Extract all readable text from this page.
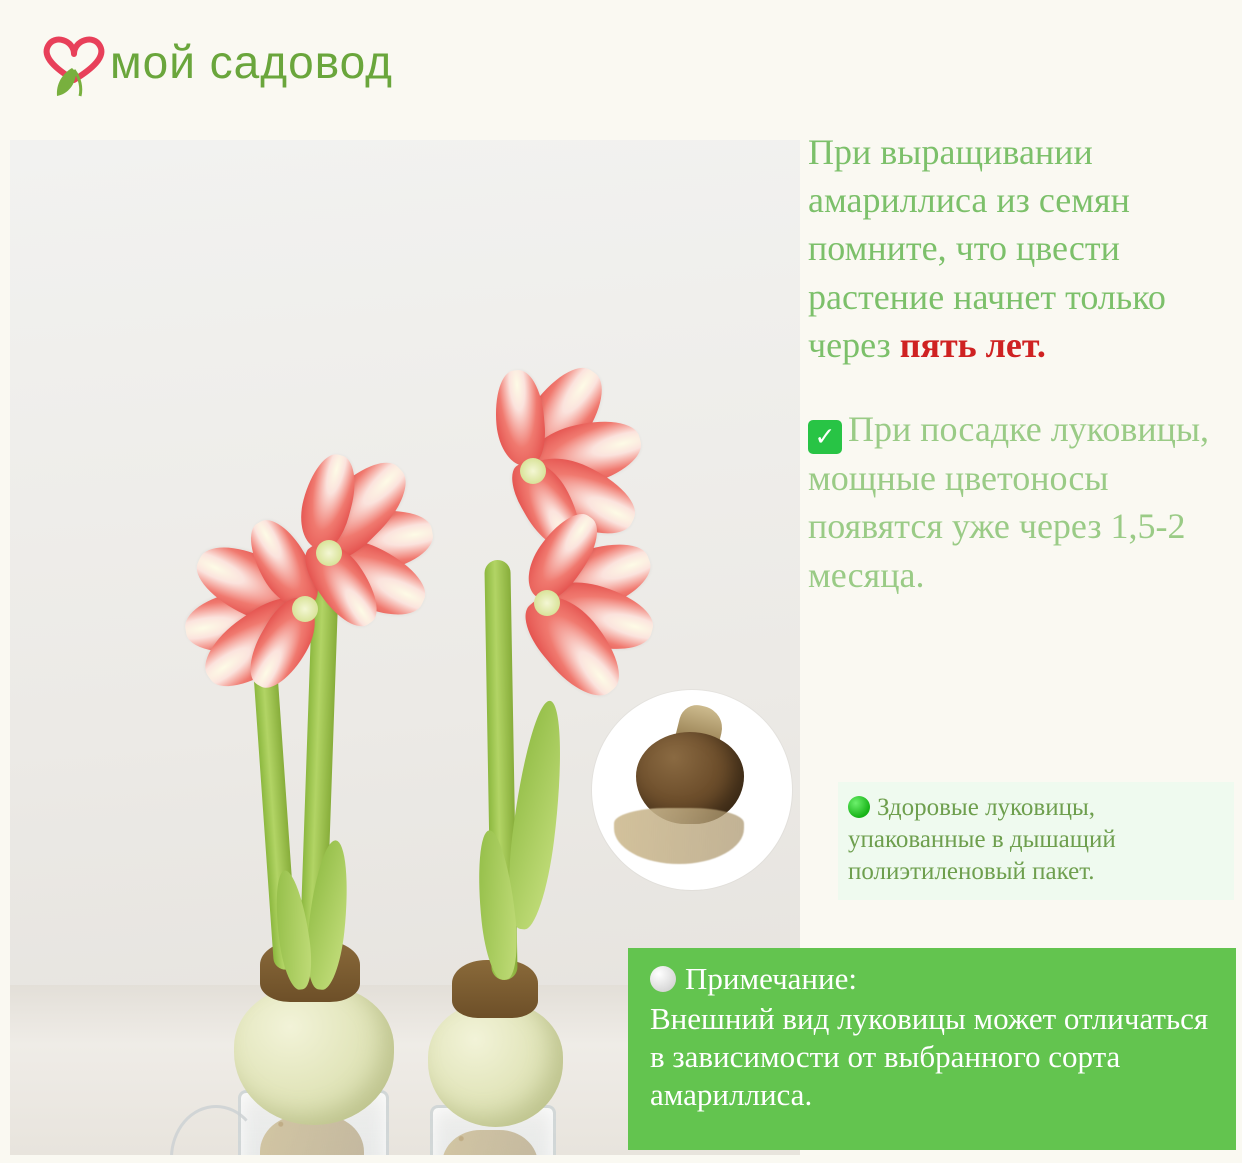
мой садовод

При выращивании амариллиса из семян помните, что цвести растение начнет только через пять лет.

✓ При посадке луковицы, мощные цветоносы появятся уже через 1,5-2 месяца.

Здоровые луковицы, упакованные в дышащий полиэтиленовый пакет.
Примечание:
Внешний вид луковицы может отличаться в зависимости от выбранного сорта амариллиса.
